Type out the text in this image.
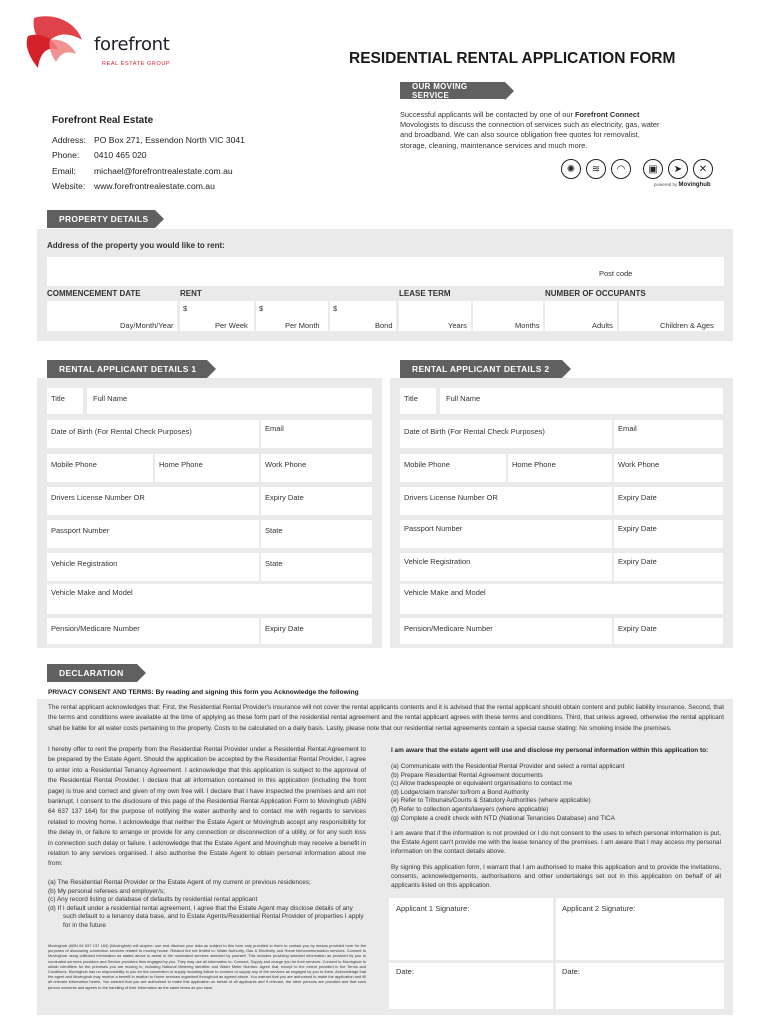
forefront
REAL ESTATE GROUP	RESIDENTIAL RENTAL APPLICATION FORM
OUR MOVING SERVICE
Forefront Real Estate
Address: PO Box 271, Essendon North VIC 3041
Phone: 0410 465 020
Email: michael@forefrontrealestate.com.au
Website: www.forefrontrealestate.com.au
Successful applicants will be contacted by one of our Forefront Connect Movologists to discuss the connection of services such as electricity, gas, water and broadband. We can also source obligation free quotes for removalist, storage, cleaning, maintenance services and much more.
✺	≋	◠	▣	➤	✕
powered by Movinghub
Address of the property you would like to rent:
Post code
COMMENCEMENT DATE	RENT	LEASE TERM	NUMBER OF OCCUPANTS
$	$	$
Day/Month/Year	Per Week	Per Month	Bond	Years	Months	Adults	Children & Ages
PROPERTY DETAILS
Title	Full Name
Date of Birth (For Rental Check Purposes)	Email
Mobile Phone	Home Phone	Work Phone
Drivers License Number OR	Expiry Date
Passport Number	State
Vehicle Registration	State
Vehicle Make and Model
Pension/Medicare Number	Expiry Date
RENTAL APPLICANT DETAILS 1
Title	Full Name
Date of Birth (For Rental Check Purposes)	Email
Mobile Phone	Home Phone	Work Phone
Drivers License Number OR	Expiry Date
Passport Number	Expiry Date
Vehicle Registration	Expiry Date
Vehicle Make and Model
Pension/Medicare Number	Expiry Date
RENTAL APPLICANT DETAILS 2
DECLARATION
PRIVACY CONSENT AND TERMS: By reading and signing this form you Acknowledge the following
The rental applicant acknowledges that: First, the Residential Rental Provider's insurance will not cover the rental applicants contents and it is advised that the rental applicant should obtain content and public liability insurance. Second, that the terms and conditions were available at the time of applying as these form part of the residential rental agreement and the rental applicant agrees with these terms and conditions. Third, that unless agreed, otherwise the rental applicant shall be liable for all water costs pertaining to the property. Costs to be calculated on a daily basis. Lastly, please note that our residential rental agreements contain a special cause stating: No smoking inside the premises.
I hereby offer to rent the property from the Residential Rental Provider under a Residential Rental Agreement to be prepared by the Estate Agent. Should the application be accepted by the Residential Rental Provider, I agree to enter into a Residential Tenancy Agreement. I acknowledge that this application is subject to the approval of the Residential Rental Provider. I declare that all information contained in this application (including the front page) is true and correct and given of my own free will. I declare that I have inspected the premises and am not bankrupt. I consent to the disclosure of this page of the Residential Rental Application Form to Movinghub (ABN 64 637 137 164) for the purpose of notifying the water authority and to contact me with regards to services related to moving home. I acknowledge that neither the Estate Agent or Movinghub accept any responsibility for the delay in, or failure to arrange or provide for any connection or disconnection of a utility, or for any such loss in connection such delay or failure. I acknowledge that the Estate Agent and Movinghub may receive a benefit in relation to any services organised. I also authorise the Estate Agent to obtain personal information about me from:
(a) The Residential Rental Provider or the Estate Agent of my current or previous residences;
(b) My personal referees and employer/s;
(c) Any record listing or database of defaults by residential rental applicant
(d) If I default under a residential rental agreement, I agree that the Estate Agent may disclose details of any such default to a tenancy data base, and to Estate Agents/Residential Rental Provider of properties I apply for in the future
Movinghub (ABN 64 637 137 164) (Movinghub) will acquire, use and disclose your data as subject to this form only provided to them to contact you by means provided here for the purposes of discussing connection services related to moving house. Related but not limited to: Water Authority, Gas & Electricity and Home telecommunication services. Consent to Movinghub using collected information as stated above is assist in the nominated services selected by yourself. This includes providing selected information as provided by you to nominated services providers and Service providers thus engaged by you. They may use all information to: Connect, Supply and charge you for their services. Consent to Movinghub to obtain identifiers for the premises you are moving in, including National Metering identifier and Water Meter Number. Agree that, except to the extent provided in the Terms and Conditions, Movinghub has no responsibility to you for the connection or supply including failure to connect or supply any of the services as engaged by you to them. Acknowledge that the agent and Movinghub may receive a benefit in relation to Home services organised throughout as agreed above. You warrant that you are authorised to make the application and fill all relevant information herein. You warrant that you are authorised to make this application on behalf of all applicants and if relevant, the other persons are provided and that such person consents and agrees to the handling of their information as the same terms as you have.
I am aware that the estate agent will use and disclose my personal information within this application to:
(a) Communicate with the Residential Rental Provider and select a rental applicant
(b) Prepare Residential Rental Agreement documents
(c) Allow tradespeople or equivalent organisations to contact me
(d) Lodge/claim transfer to/from a Bond Authority
(e) Refer to Tribunals/Courts & Statutory Authorities (where applicable)
(f) Refer to collection agents/lawyers (where applicable)
(g) Complete a credit check with NTD (National Tenancies Database) and TICA
I am aware that if the information is not provided or I do not consent to the uses to which personal information is put, the Estate Agent can't provide me with the lease tenancy of the premises. I am aware that I may access my personal information on the contact details above.
By signing this application form, I warrant that I am authorised to make this application and to provide the invitations, consents, acknowledgements, authorisations and other undertakings set out in this application on behalf of all applicants listed on this application.
Applicant 1 Signature:	Applicant 2 Signature:
Date:	Date:
